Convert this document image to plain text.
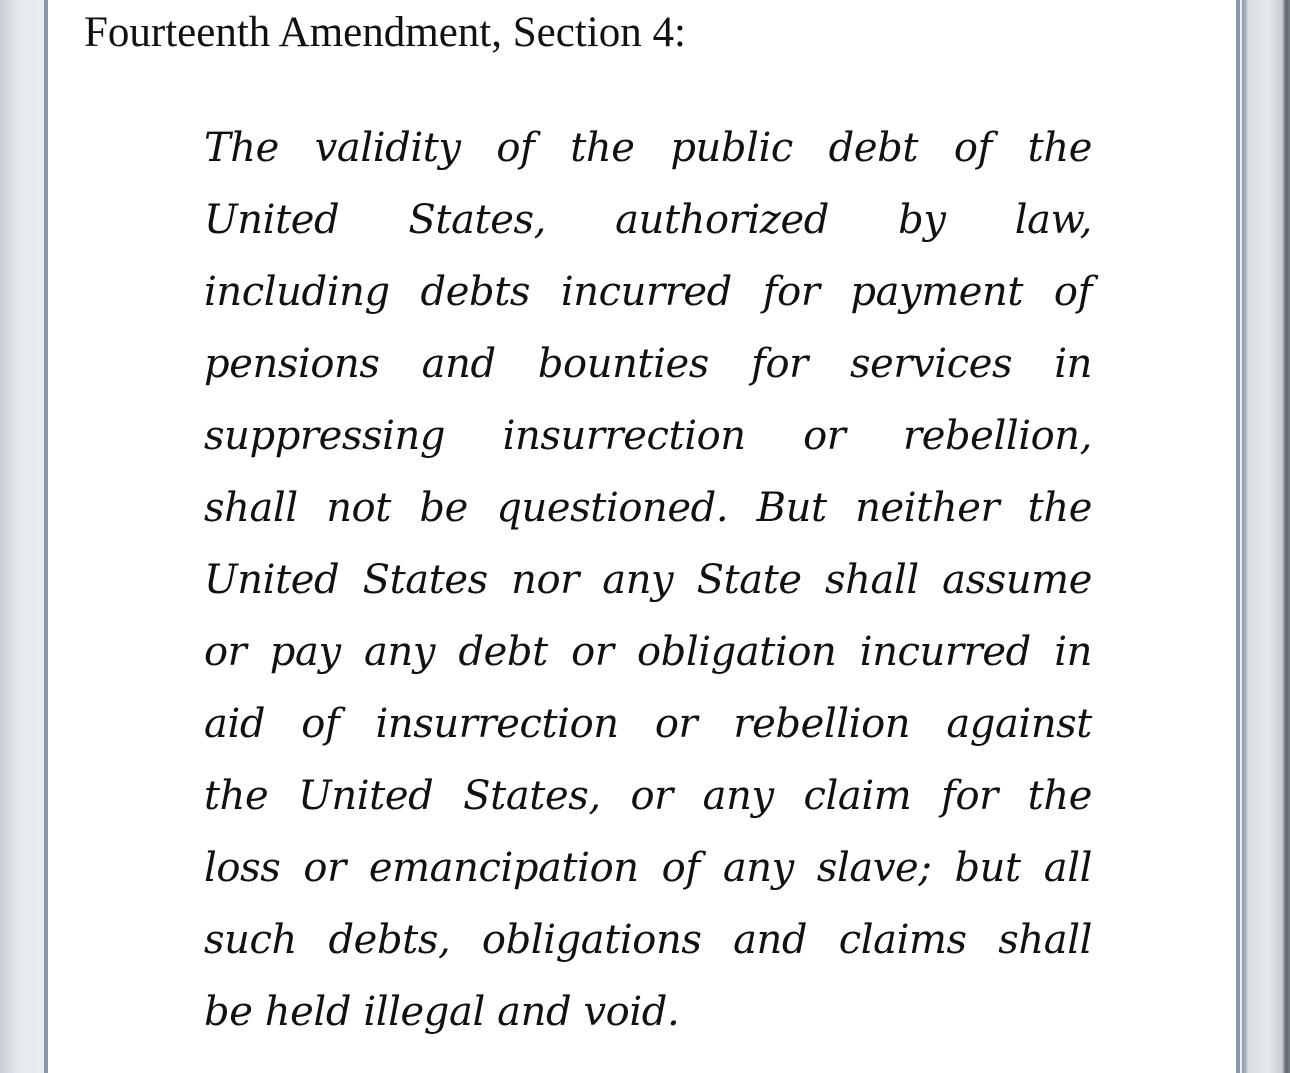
Fourteenth Amendment, Section 4:
The validity of the public debt of the
United States, authorized by law,
including debts incurred for payment of
pensions and bounties for services in
suppressing insurrection or rebellion,
shall not be questioned. But neither the
United States nor any State shall assume
or pay any debt or obligation incurred in
aid of insurrection or rebellion against
the United States, or any claim for the
loss or emancipation of any slave; but all
such debts, obligations and claims shall
be held illegal and void.
